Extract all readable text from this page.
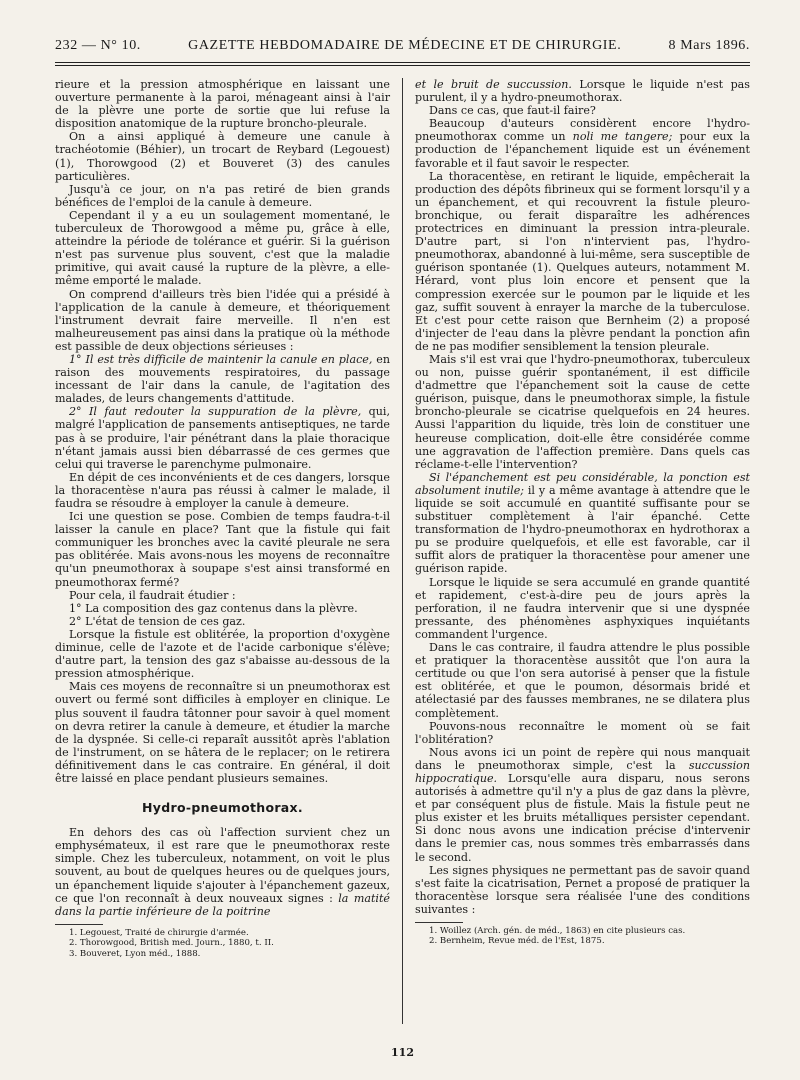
232 — N° 10.	GAZETTE HEBDOMADAIRE DE MÉDECINE ET DE CHIRURGIE.	8 Mars 1896.

rieure et la pression atmosphérique en laissant une ouverture permanente à la paroi, ménageant ainsi à l'air de la plèvre une porte de sortie que lui refuse la disposition anatomique de la rupture broncho-pleurale.

On a ainsi appliqué à demeure une canule à trachéotomie (Béhier), un trocart de Reybard (Legouest) (1), Thorowgood (2) et Bouveret (3) des canules particulières.

Jusqu'à ce jour, on n'a pas retiré de bien grands bénéfices de l'emploi de la canule à demeure.

Cependant il y a eu un soulagement momentané, le tuberculeux de Thorowgood a même pu, grâce à elle, atteindre la période de tolérance et guérir. Si la guérison n'est pas survenue plus souvent, c'est que la maladie primitive, qui avait causé la rupture de la plèvre, a elle-même emporté le malade.

On comprend d'ailleurs très bien l'idée qui a présidé à l'application de la canule à demeure, et théoriquement l'instrument devrait faire merveille. Il n'en est malheureusement pas ainsi dans la pratique où la méthode est passible de deux objections sérieuses :

1° Il est très difficile de maintenir la canule en place, en raison des mouvements respiratoires, du passage incessant de l'air dans la canule, de l'agitation des malades, de leurs changements d'attitude.

2° Il faut redouter la suppuration de la plèvre, qui, malgré l'application de pansements antiseptiques, ne tarde pas à se produire, l'air pénétrant dans la plaie thoracique n'étant jamais aussi bien débarrassé de ces germes que celui qui traverse le parenchyme pulmonaire.

En dépit de ces inconvénients et de ces dangers, lorsque la thoracentèse n'aura pas réussi à calmer le malade, il faudra se résoudre à employer la canule à demeure.

Ici une question se pose. Combien de temps faudra-t-il laisser la canule en place? Tant que la fistule qui fait communiquer les bronches avec la cavité pleurale ne sera pas oblitérée. Mais avons-nous les moyens de reconnaître qu'un pneumothorax à soupape s'est ainsi transformé en pneumothorax fermé?

Pour cela, il faudrait étudier :

1° La composition des gaz contenus dans la plèvre.

2° L'état de tension de ces gaz.

Lorsque la fistule est oblitérée, la proportion d'oxygène diminue, celle de l'azote et de l'acide carbonique s'élève; d'autre part, la tension des gaz s'abaisse au-dessous de la pression atmosphérique.

Mais ces moyens de reconnaître si un pneumothorax est ouvert ou fermé sont difficiles à employer en clinique. Le plus souvent il faudra tâtonner pour savoir à quel moment on devra retirer la canule à demeure, et étudier la marche de la dyspnée. Si celle-ci reparaît aussitôt après l'ablation de l'instrument, on se hâtera de le replacer; on le retirera définitivement dans le cas contraire. En général, il doit être laissé en place pendant plusieurs semaines.

Hydro-pneumothorax.

En dehors des cas où l'affection survient chez un emphysémateux, il est rare que le pneumothorax reste simple. Chez les tuberculeux, notamment, on voit le plus souvent, au bout de quelques heures ou de quelques jours, un épanchement liquide s'ajouter à l'épanchement gazeux, ce que l'on reconnaît à deux nouveaux signes : la matité dans la partie inférieure de la poitrine

1. Legouest, Traité de chirurgie d'armée.

2. Thorowgood, British med. Journ., 1880, t. II.

3. Bouveret, Lyon méd., 1888.

et le bruit de succussion. Lorsque le liquide n'est pas purulent, il y a hydro-pneumothorax.

Dans ce cas, que faut-il faire?

Beaucoup d'auteurs considèrent encore l'hydro-pneumothorax comme un noli me tangere; pour eux la production de l'épanchement liquide est un événement favorable et il faut savoir le respecter.

La thoracentèse, en retirant le liquide, empêcherait la production des dépôts fibrineux qui se forment lorsqu'il y a un épanchement, et qui recouvrent la fistule pleuro-bronchique, ou ferait disparaître les adhérences protectrices en diminuant la pression intra-pleurale. D'autre part, si l'on n'intervient pas, l'hydro-pneumothorax, abandonné à lui-même, sera susceptible de guérison spontanée (1). Quelques auteurs, notamment M. Hérard, vont plus loin encore et pensent que la compression exercée sur le poumon par le liquide et les gaz, suffit souvent à enrayer la marche de la tuberculose. Et c'est pour cette raison que Bernheim (2) a proposé d'injecter de l'eau dans la plèvre pendant la ponction afin de ne pas modifier sensiblement la tension pleurale.

Mais s'il est vrai que l'hydro-pneumothorax, tuberculeux ou non, puisse guérir spontanément, il est difficile d'admettre que l'épanchement soit la cause de cette guérison, puisque, dans le pneumothorax simple, la fistule broncho-pleurale se cicatrise quelquefois en 24 heures. Aussi l'apparition du liquide, très loin de constituer une heureuse complication, doit-elle être considérée comme une aggravation de l'affection première. Dans quels cas réclame-t-elle l'intervention?

Si l'épanchement est peu considérable, la ponction est absolument inutile; il y a même avantage à attendre que le liquide se soit accumulé en quantité suffisante pour se substituer complètement à l'air épanché. Cette transformation de l'hydro-pneumothorax en hydrothorax a pu se produire quelquefois, et elle est favorable, car il suffit alors de pratiquer la thoracentèse pour amener une guérison rapide.

Lorsque le liquide se sera accumulé en grande quantité et rapidement, c'est-à-dire peu de jours après la perforation, il ne faudra intervenir que si une dyspnée pressante, des phénomènes asphyxiques inquiétants commandent l'urgence.

Dans le cas contraire, il faudra attendre le plus possible et pratiquer la thoracentèse aussitôt que l'on aura la certitude ou que l'on sera autorisé à penser que la fistule est oblitérée, et que le poumon, désormais bridé et atélectasié par des fausses membranes, ne se dilatera plus complètement.

Pouvons-nous reconnaître le moment où se fait l'oblitération?

Nous avons ici un point de repère qui nous manquait dans le pneumothorax simple, c'est la succussion hippocratique. Lorsqu'elle aura disparu, nous serons autorisés à admettre qu'il n'y a plus de gaz dans la plèvre, et par conséquent plus de fistule. Mais la fistule peut ne plus exister et les bruits métalliques persister cependant. Si donc nous avons une indication précise d'intervenir dans le premier cas, nous sommes très embarrassés dans le second.

Les signes physiques ne permettant pas de savoir quand s'est faite la cicatrisation, Pernet a proposé de pratiquer la thoracentèse lorsque sera réalisée l'une des conditions suivantes :

1. Woillez (Arch. gén. de méd., 1863) en cite plusieurs cas.

2. Bernheim, Revue méd. de l'Est, 1875.

112
